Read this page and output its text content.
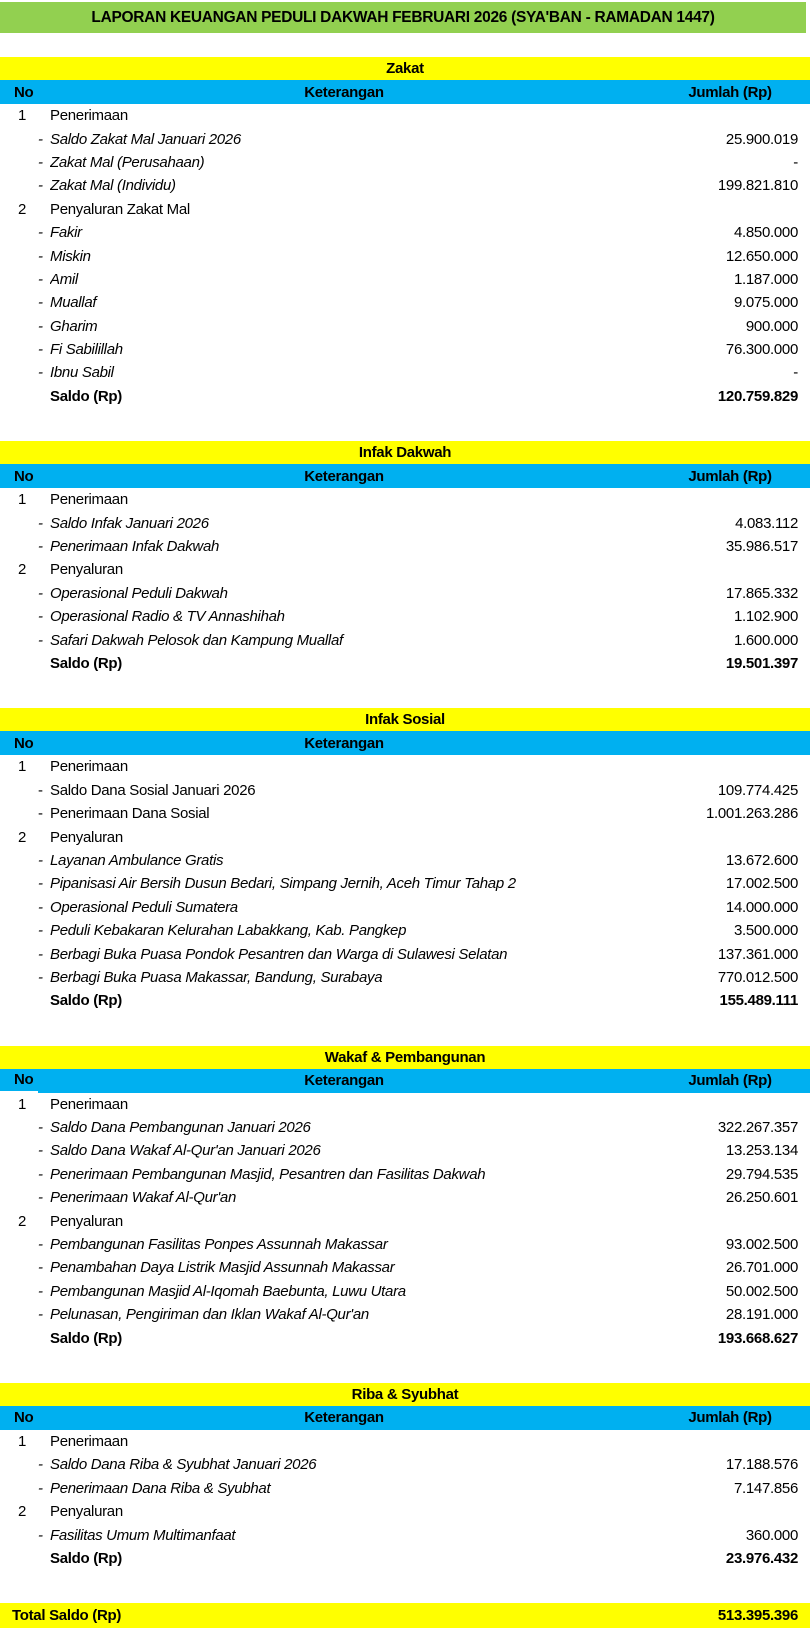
LAPORAN KEUANGAN PEDULI DAKWAH FEBRUARI 2026 (SYA'BAN - RAMADAN 1447)
Zakat
No	Keterangan	Jumlah (Rp)
1	Penerimaan
- Saldo Zakat Mal Januari 2026	25.900.019
- Zakat Mal (Perusahaan)	-
- Zakat Mal (Individu)	199.821.810
2	Penyaluran Zakat Mal
- Fakir	4.850.000
- Miskin	12.650.000
- Amil	1.187.000
- Muallaf	9.075.000
- Gharim	900.000
- Fi Sabilillah	76.300.000
- Ibnu Sabil	-
Saldo (Rp)	120.759.829
Infak Dakwah
No	Keterangan	Jumlah (Rp)
1	Penerimaan
- Saldo Infak Januari 2026	4.083.112
- Penerimaan Infak Dakwah	35.986.517
2	Penyaluran
- Operasional Peduli Dakwah	17.865.332
- Operasional Radio & TV Annashihah	1.102.900
- Safari Dakwah Pelosok dan Kampung Muallaf	1.600.000
Saldo (Rp)	19.501.397
Infak Sosial
No	Keterangan
1	Penerimaan
- Saldo Dana Sosial Januari 2026	109.774.425
- Penerimaan Dana Sosial	1.001.263.286
2	Penyaluran
- Layanan Ambulance Gratis	13.672.600
- Pipanisasi Air Bersih Dusun Bedari, Simpang Jernih, Aceh Timur Tahap 2	17.002.500
- Operasional Peduli Sumatera	14.000.000
- Peduli Kebakaran Kelurahan Labakkang, Kab. Pangkep	3.500.000
- Berbagi Buka Puasa Pondok Pesantren dan Warga di Sulawesi Selatan	137.361.000
- Berbagi Buka Puasa Makassar, Bandung, Surabaya	770.012.500
Saldo (Rp)	155.489.111
Wakaf & Pembangunan
No	Keterangan	Jumlah (Rp)
1	Penerimaan
- Saldo Dana Pembangunan Januari 2026	322.267.357
- Saldo Dana Wakaf Al-Qur'an Januari 2026	13.253.134
- Penerimaan Pembangunan Masjid, Pesantren dan Fasilitas Dakwah	29.794.535
- Penerimaan Wakaf Al-Qur'an	26.250.601
2	Penyaluran
- Pembangunan Fasilitas Ponpes Assunnah Makassar	93.002.500
- Penambahan Daya Listrik Masjid Assunnah Makassar	26.701.000
- Pembangunan Masjid Al-Iqomah Baebunta, Luwu Utara	50.002.500
- Pelunasan, Pengiriman dan Iklan Wakaf Al-Qur'an	28.191.000
Saldo (Rp)	193.668.627
Riba & Syubhat
No	Keterangan	Jumlah (Rp)
1	Penerimaan
- Saldo Dana Riba & Syubhat Januari 2026	17.188.576
- Penerimaan Dana Riba & Syubhat	7.147.856
2	Penyaluran
- Fasilitas Umum Multimanfaat	360.000
Saldo (Rp)	23.976.432
Total Saldo (Rp)	513.395.396
